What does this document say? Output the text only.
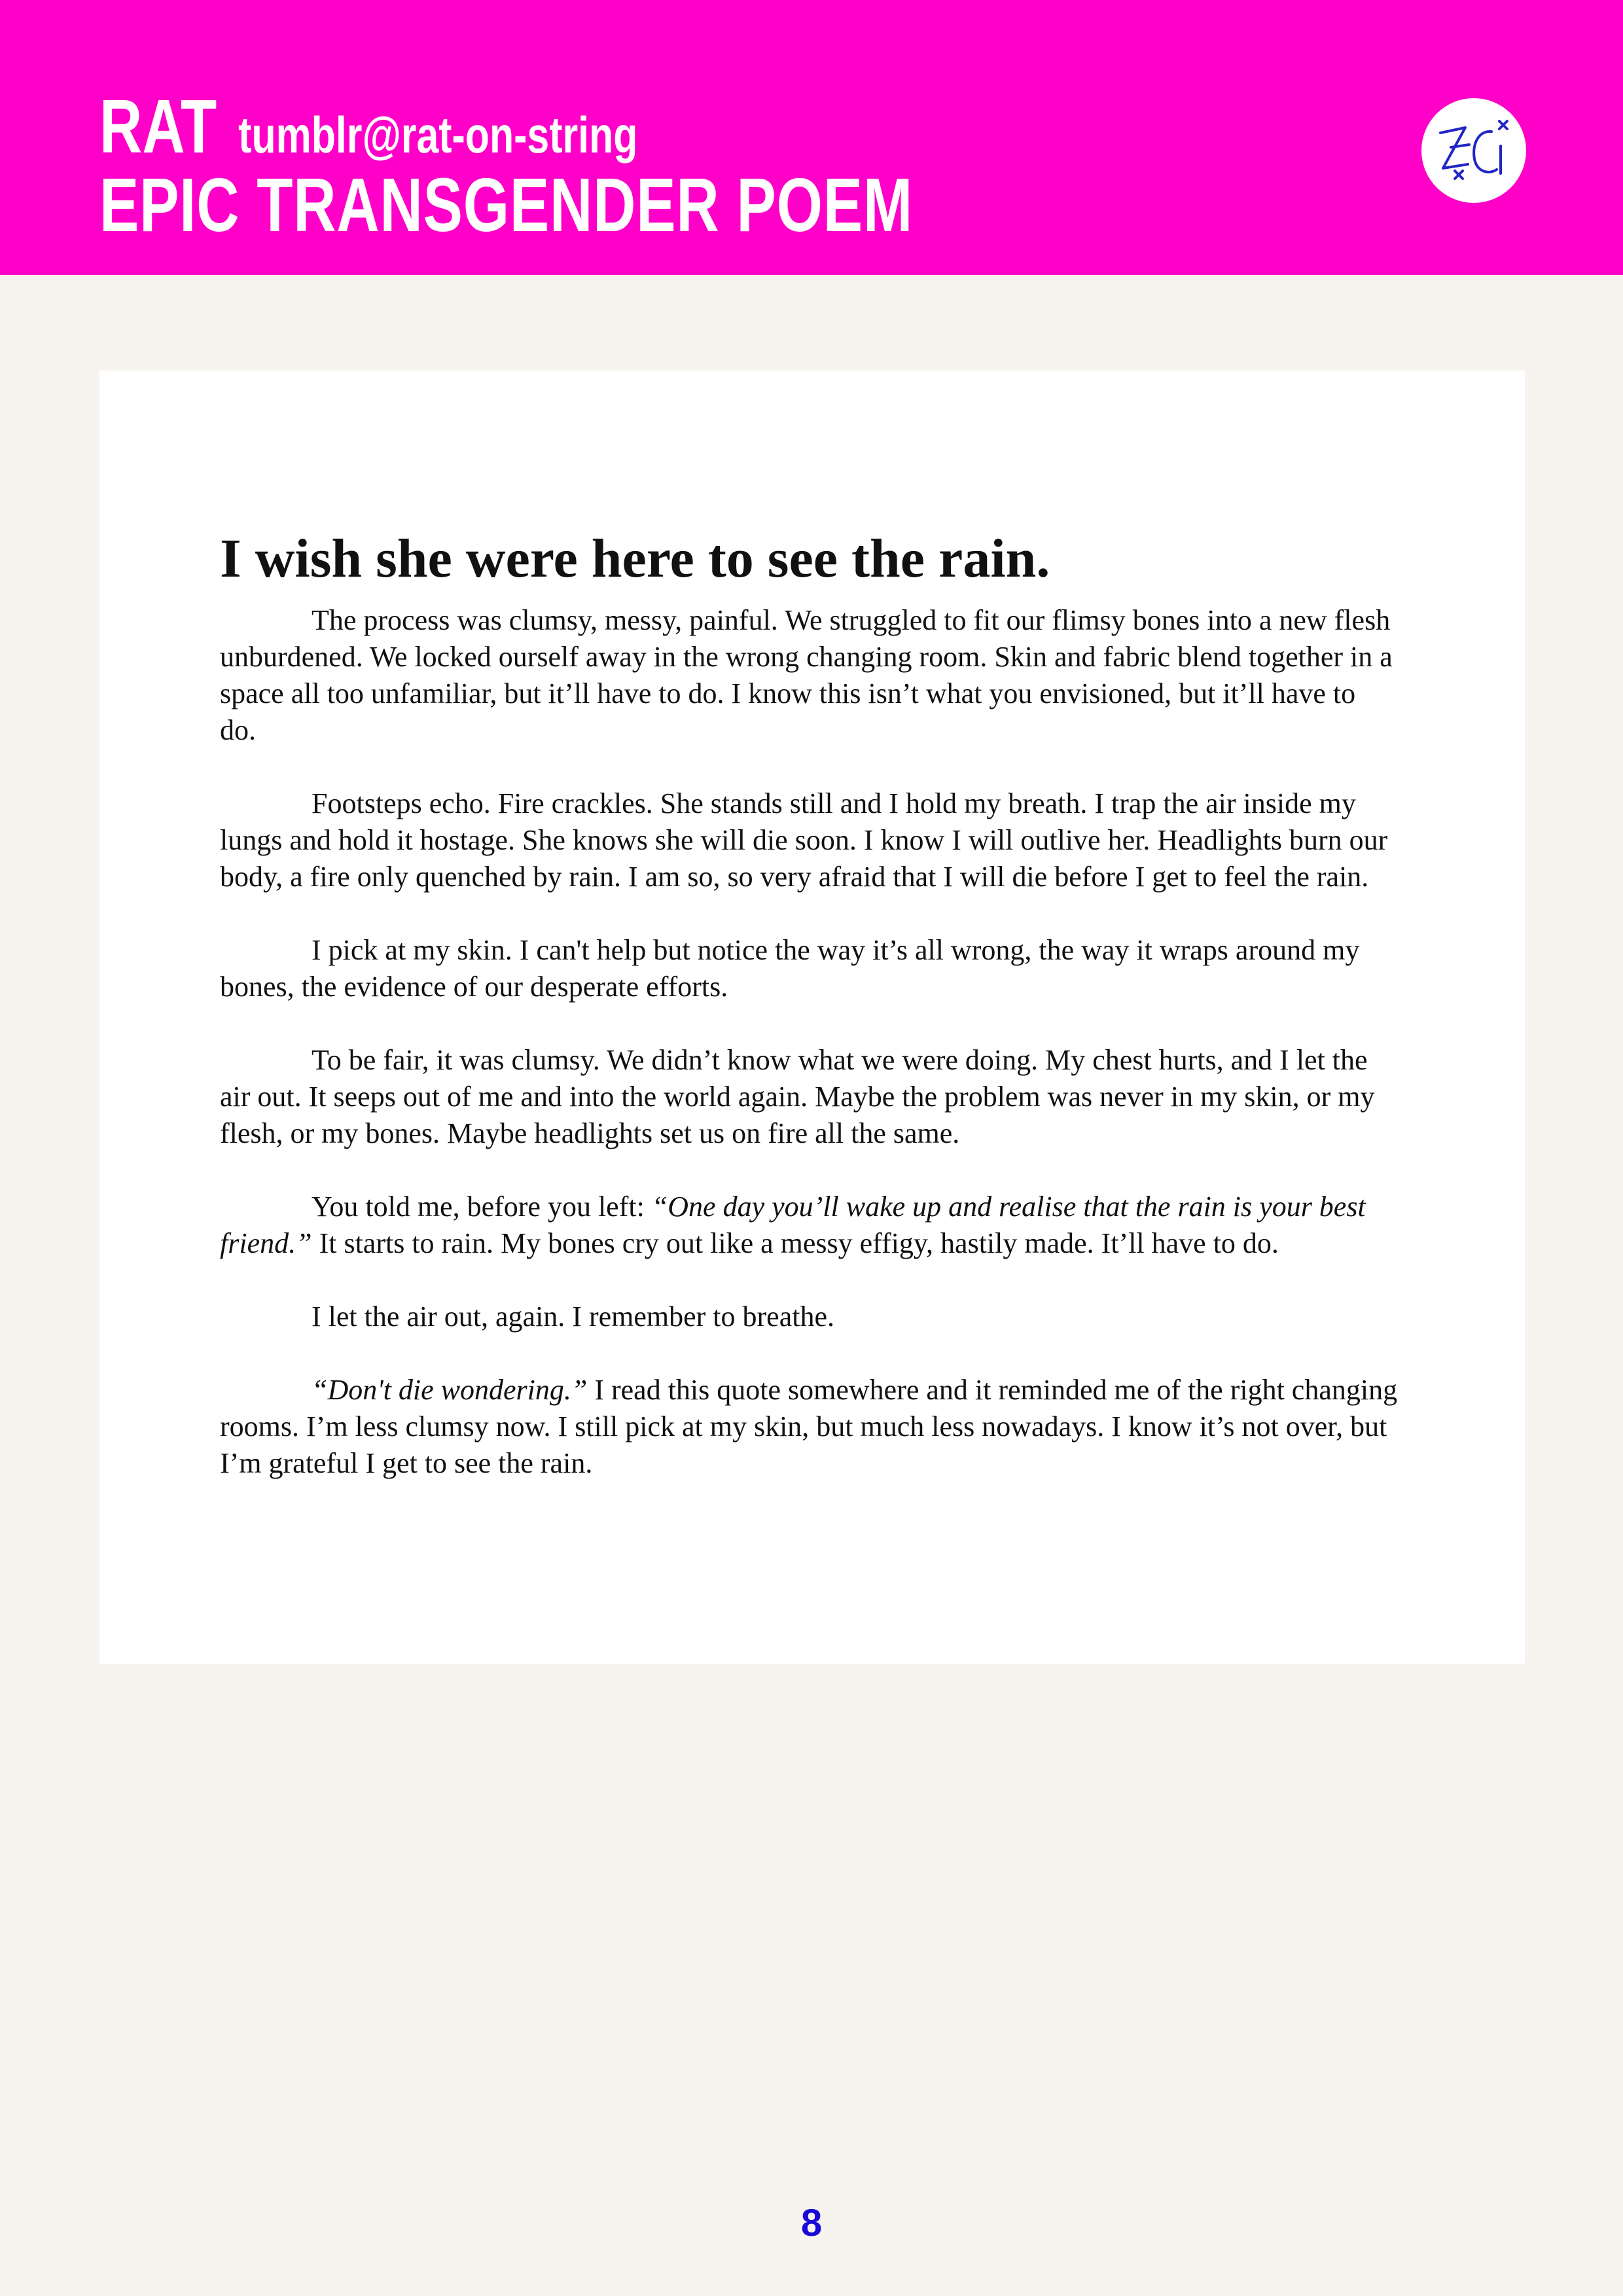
RAT tumblr@rat-on-string
EPIC TRANSGENDER POEM
I wish she were here to see the rain.

The process was clumsy, messy, painful. We struggled to fit our flimsy bones into a new flesh unburdened. We locked ourself away in the wrong changing room. Skin and fabric blend together in a space all too unfamiliar, but it’ll have to do. I know this isn’t what you envisioned, but it’ll have to do.

Footsteps echo. Fire crackles. She stands still and I hold my breath. I trap the air inside my lungs and hold it hostage. She knows she will die soon. I know I will outlive her. Headlights burn our body, a fire only quenched by rain. I am so, so very afraid that I will die before I get to feel the rain.

I pick at my skin. I can't help but notice the way it’s all wrong, the way it wraps around my bones, the evidence of our desperate efforts.

To be fair, it was clumsy. We didn’t know what we were doing. My chest hurts, and I let the air out. It seeps out of me and into the world again. Maybe the problem was never in my skin, or my flesh, or my bones. Maybe headlights set us on fire all the same.

You told me, before you left: “One day you’ll wake up and realise that the rain is your best friend.” It starts to rain. My bones cry out like a messy effigy, hastily made. It’ll have to do.

I let the air out, again. I remember to breathe.

“Don't die wondering.” I read this quote somewhere and it reminded me of the right changing rooms. I’m less clumsy now. I still pick at my skin, but much less nowadays. I know it’s not over, but I’m grateful I get to see the rain.

8
